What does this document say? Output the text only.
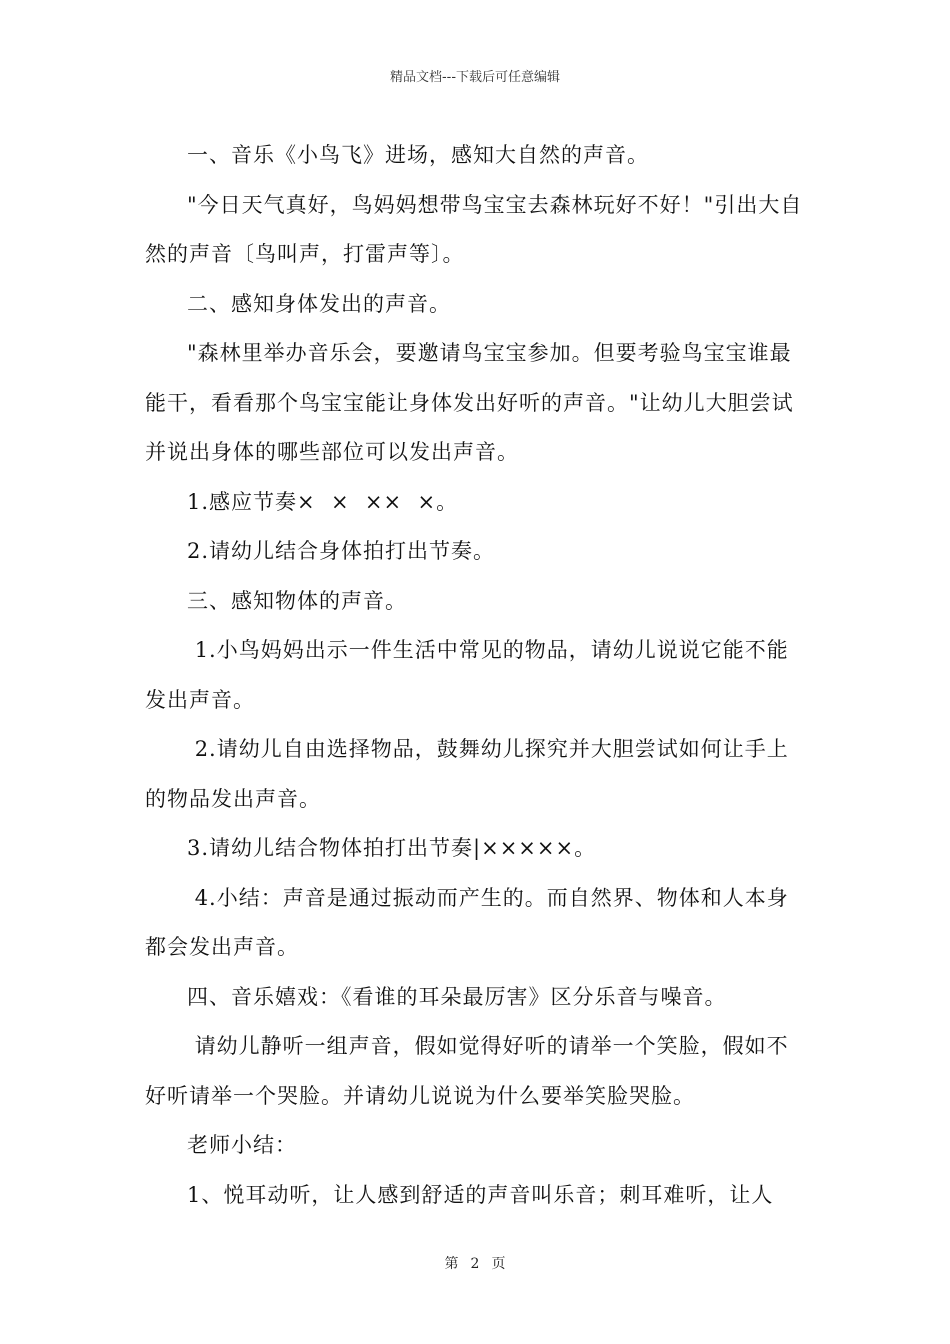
精品文档---下载后可任意编辑

一、音乐《小鸟飞》进场，感知大自然的声音。

"今日天气真好，鸟妈妈想带鸟宝宝去森林玩好不好！"引出大自然的声音〔鸟叫声，打雷声等〕。

二、感知身体发出的声音。

"森林里举办音乐会，要邀请鸟宝宝参加。但要考验鸟宝宝谁最能干，看看那个鸟宝宝能让身体发出好听的声音。"让幼儿大胆尝试并说出身体的哪些部位可以发出声音。

1.感应节奏×  ×  ××  ×。

2.请幼儿结合身体拍打出节奏。

三、感知物体的声音。

1.小鸟妈妈出示一件生活中常见的物品，请幼儿说说它能不能发出声音。

2.请幼儿自由选择物品，鼓舞幼儿探究并大胆尝试如何让手上的物品发出声音。

3.请幼儿结合物体拍打出节奏|×××××。

4.小结：声音是通过振动而产生的。而自然界、物体和人本身都会发出声音。

四、音乐嬉戏：《看谁的耳朵最厉害》区分乐音与噪音。

请幼儿静听一组声音，假如觉得好听的请举一个笑脸，假如不好听请举一个哭脸。并请幼儿说说为什么要举笑脸哭脸。

老师小结：

1、悦耳动听，让人感到舒适的声音叫乐音；刺耳难听，让人

第 2 页
